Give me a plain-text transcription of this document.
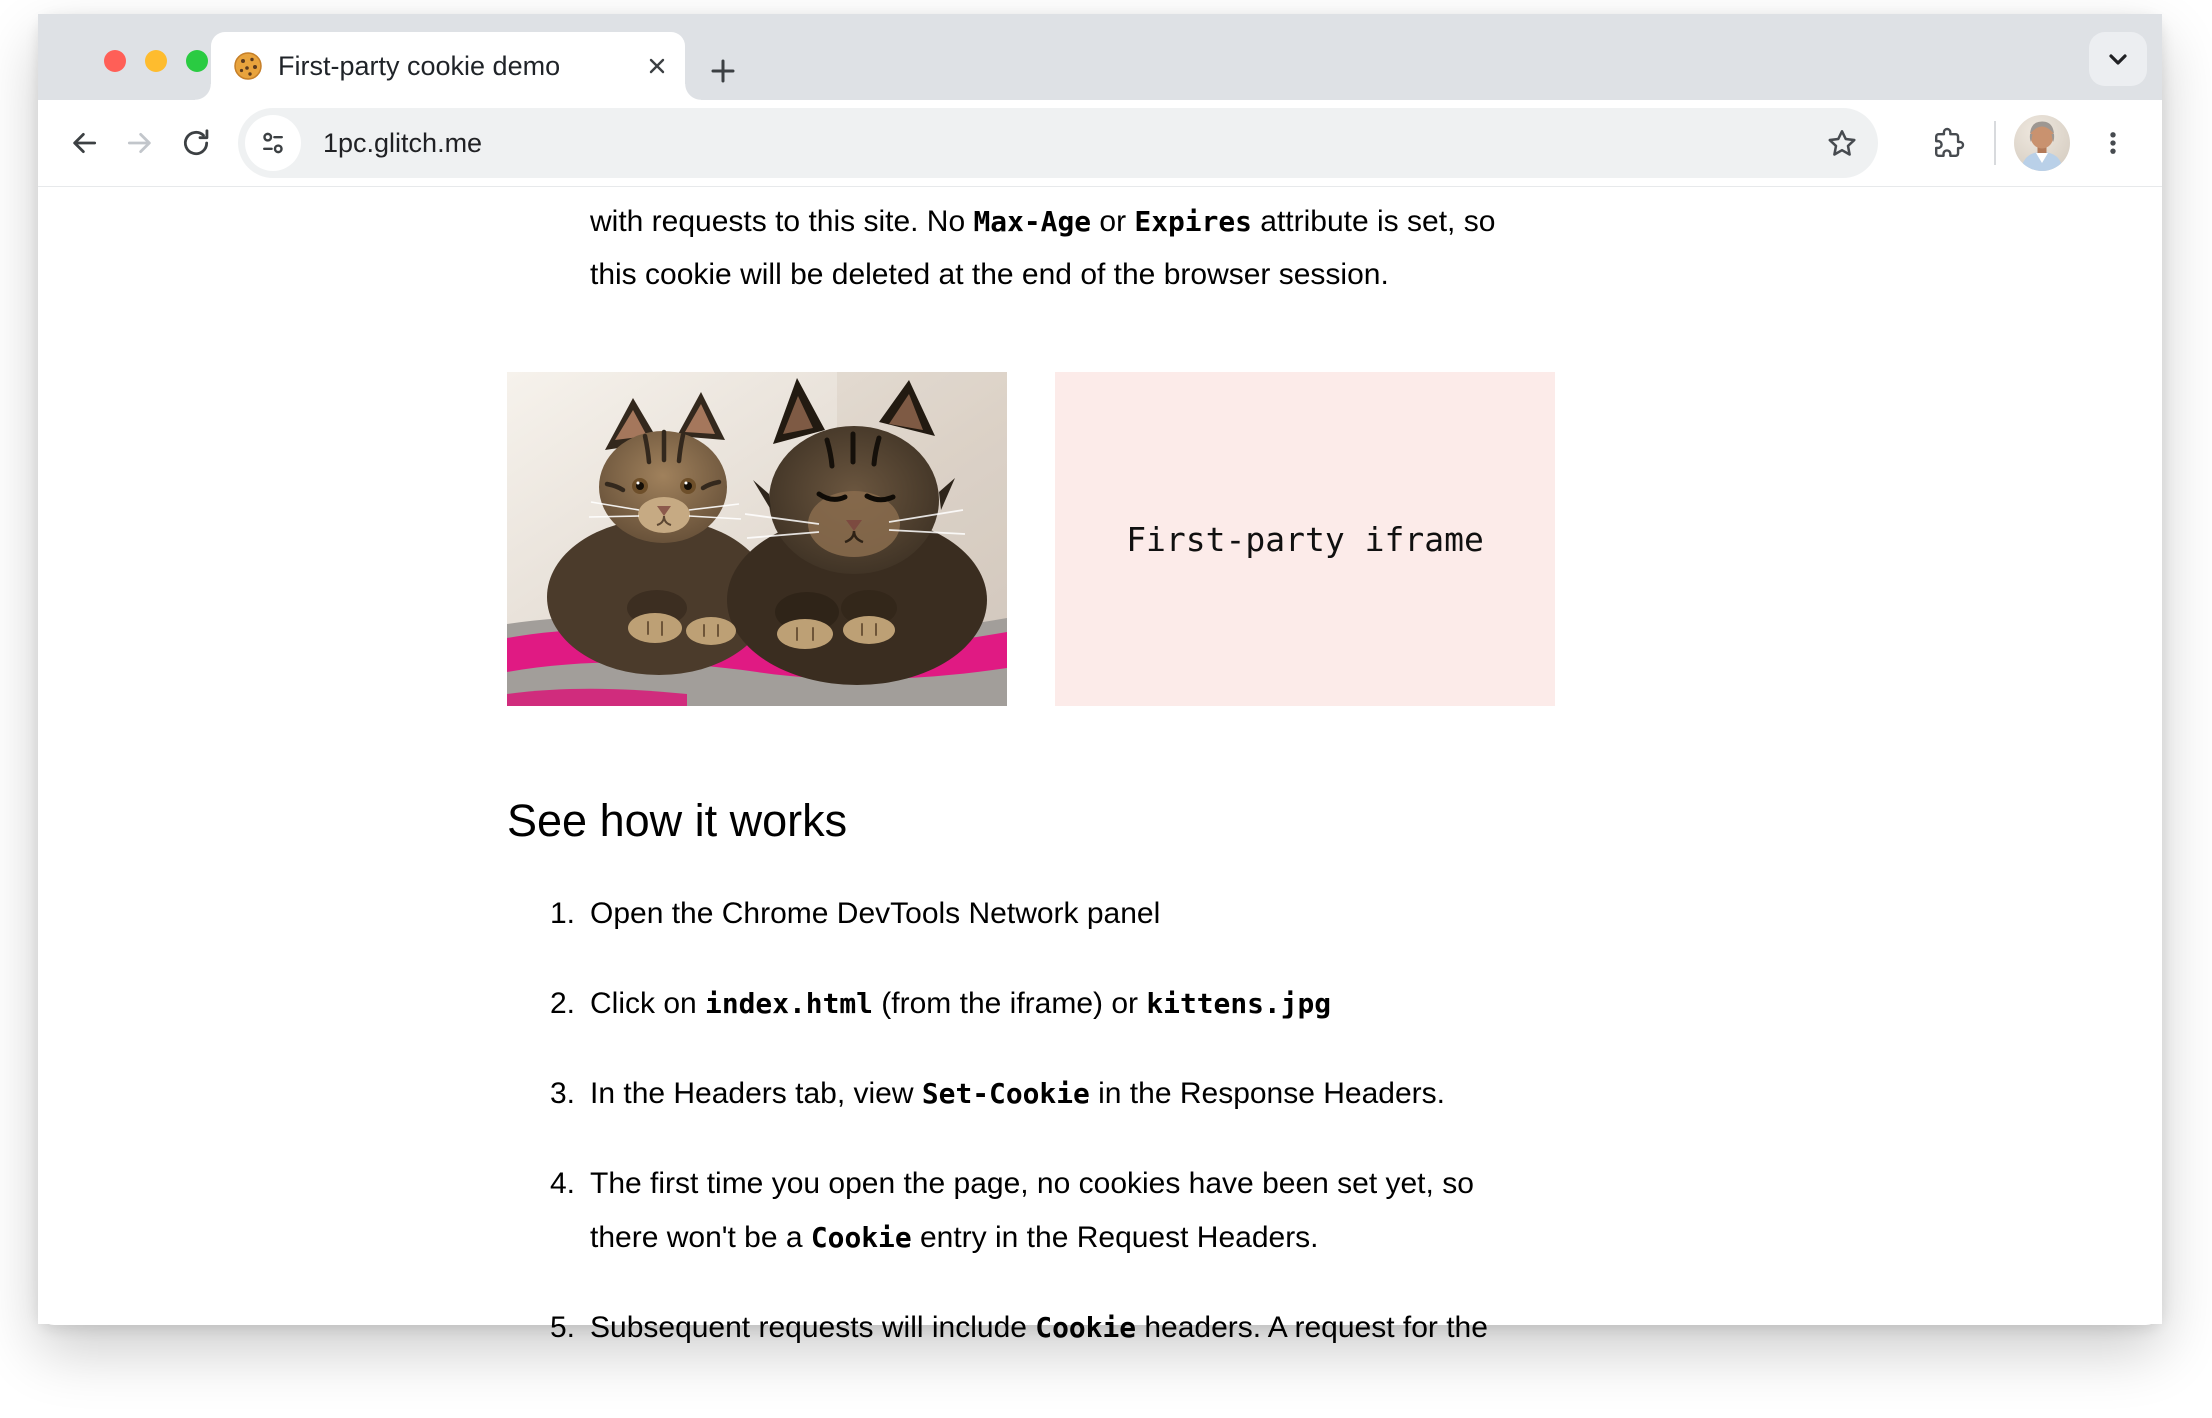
First-party cookie demo
1pc.glitch.me

with requests to this site. No Max-Age or Expires attribute is set, so
this cookie will be deleted at the end of the browser session.

First-party iframe
See how it works
1. Open the Chrome DevTools Network panel
2. Click on index.html (from the iframe) or kittens.jpg
3. In the Headers tab, view Set-Cookie in the Response Headers.
4. The first time you open the page, no cookies have been set yet, so
there won't be a Cookie entry in the Request Headers.
5. Subsequent requests will include Cookie headers. A request for the
